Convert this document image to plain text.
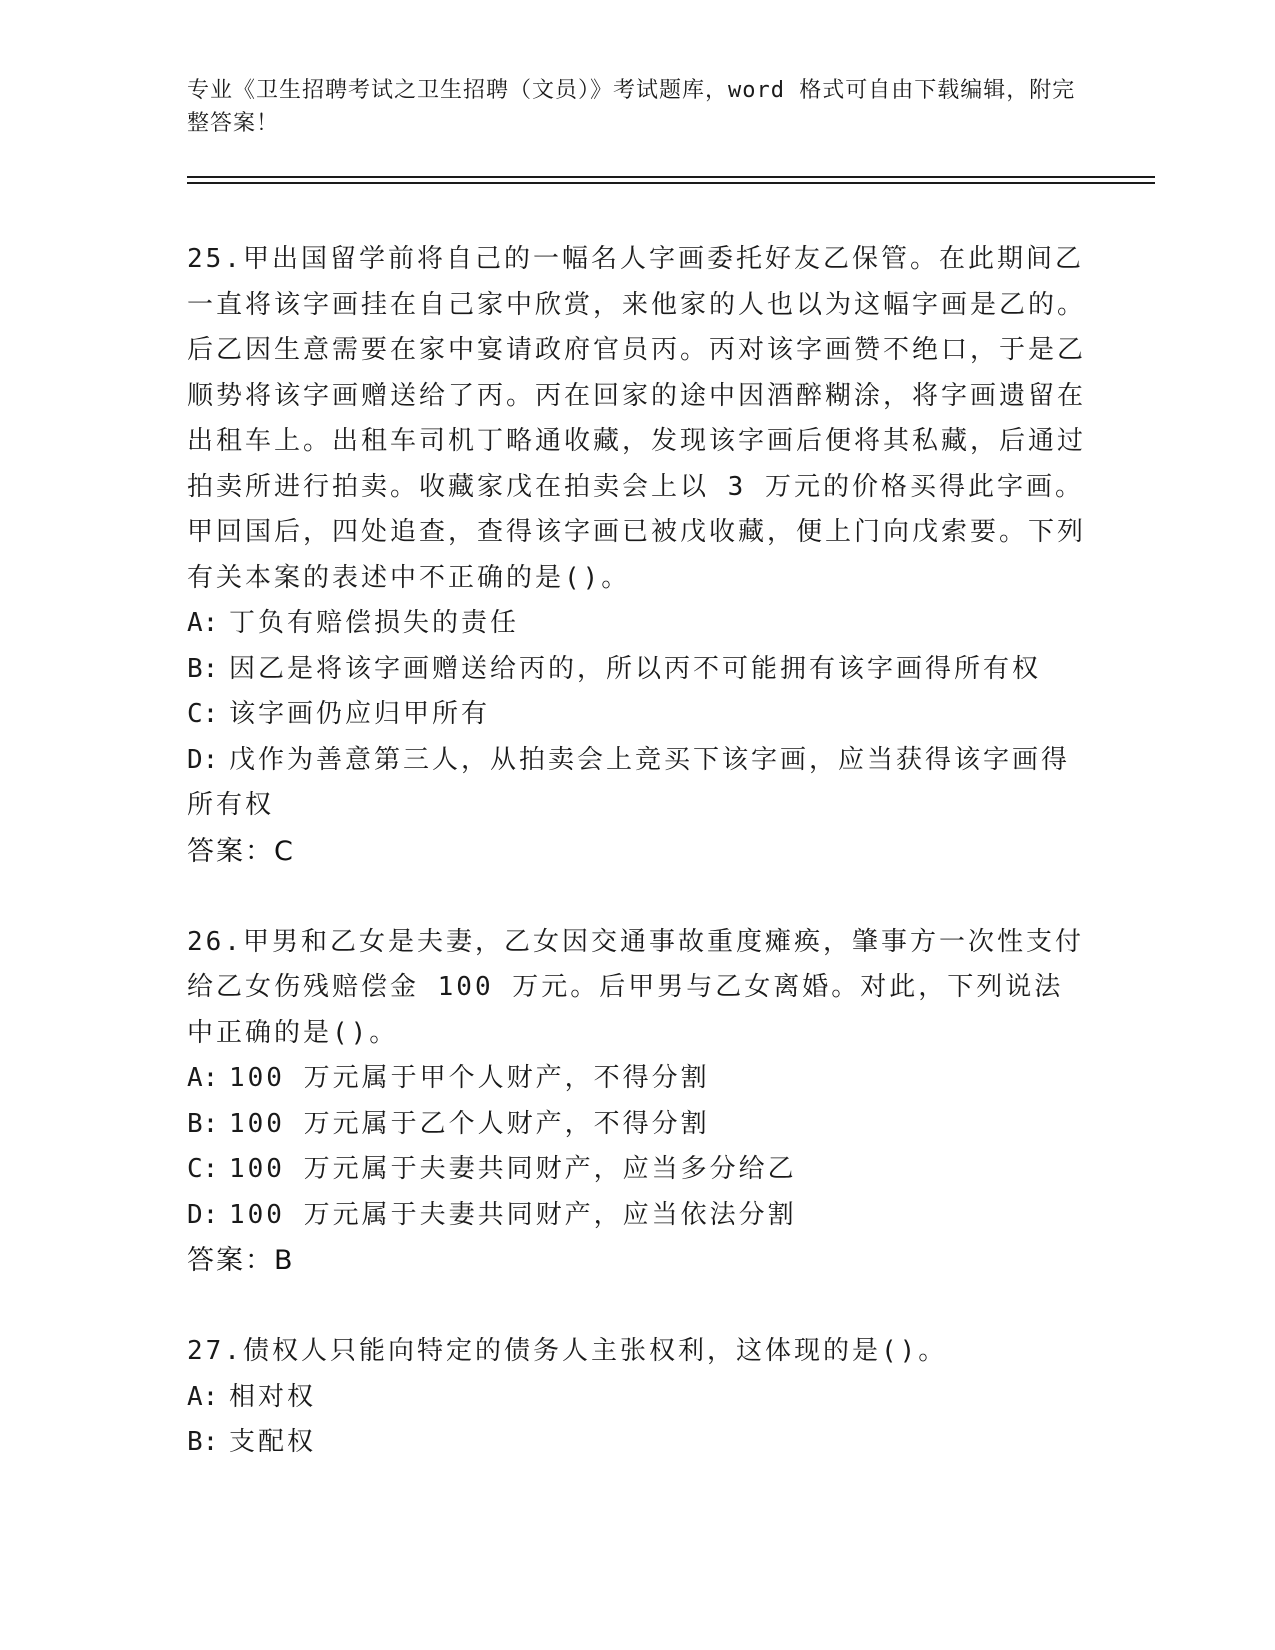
专业《卫生招聘考试之卫生招聘（文员）》考试题库，word 格式可自由下载编辑，附完整答案！

25.甲出国留学前将自己的一幅名人字画委托好友乙保管。在此期间乙一直将该字画挂在自己家中欣赏，来他家的人也以为这幅字画是乙的。后乙因生意需要在家中宴请政府官员丙。丙对该字画赞不绝口，于是乙顺势将该字画赠送给了丙。丙在回家的途中因酒醉糊涂，将字画遗留在出租车上。出租车司机丁略通收藏，发现该字画后便将其私藏，后通过拍卖所进行拍卖。收藏家戊在拍卖会上以 3 万元的价格买得此字画。甲回国后，四处追查，查得该字画已被戊收藏，便上门向戊索要。下列有关本案的表述中不正确的是()。

A: 丁负有赔偿损失的责任

B: 因乙是将该字画赠送给丙的，所以丙不可能拥有该字画得所有权

C: 该字画仍应归甲所有

D: 戊作为善意第三人，从拍卖会上竞买下该字画，应当获得该字画得所有权

答案：C

26.甲男和乙女是夫妻，乙女因交通事故重度瘫痪，肇事方一次性支付给乙女伤残赔偿金 100 万元。后甲男与乙女离婚。对此，下列说法中正确的是()。

A: 100 万元属于甲个人财产，不得分割

B: 100 万元属于乙个人财产，不得分割

C: 100 万元属于夫妻共同财产，应当多分给乙

D: 100 万元属于夫妻共同财产，应当依法分割

答案：B

27.债权人只能向特定的债务人主张权利，这体现的是()。

A: 相对权

B: 支配权
